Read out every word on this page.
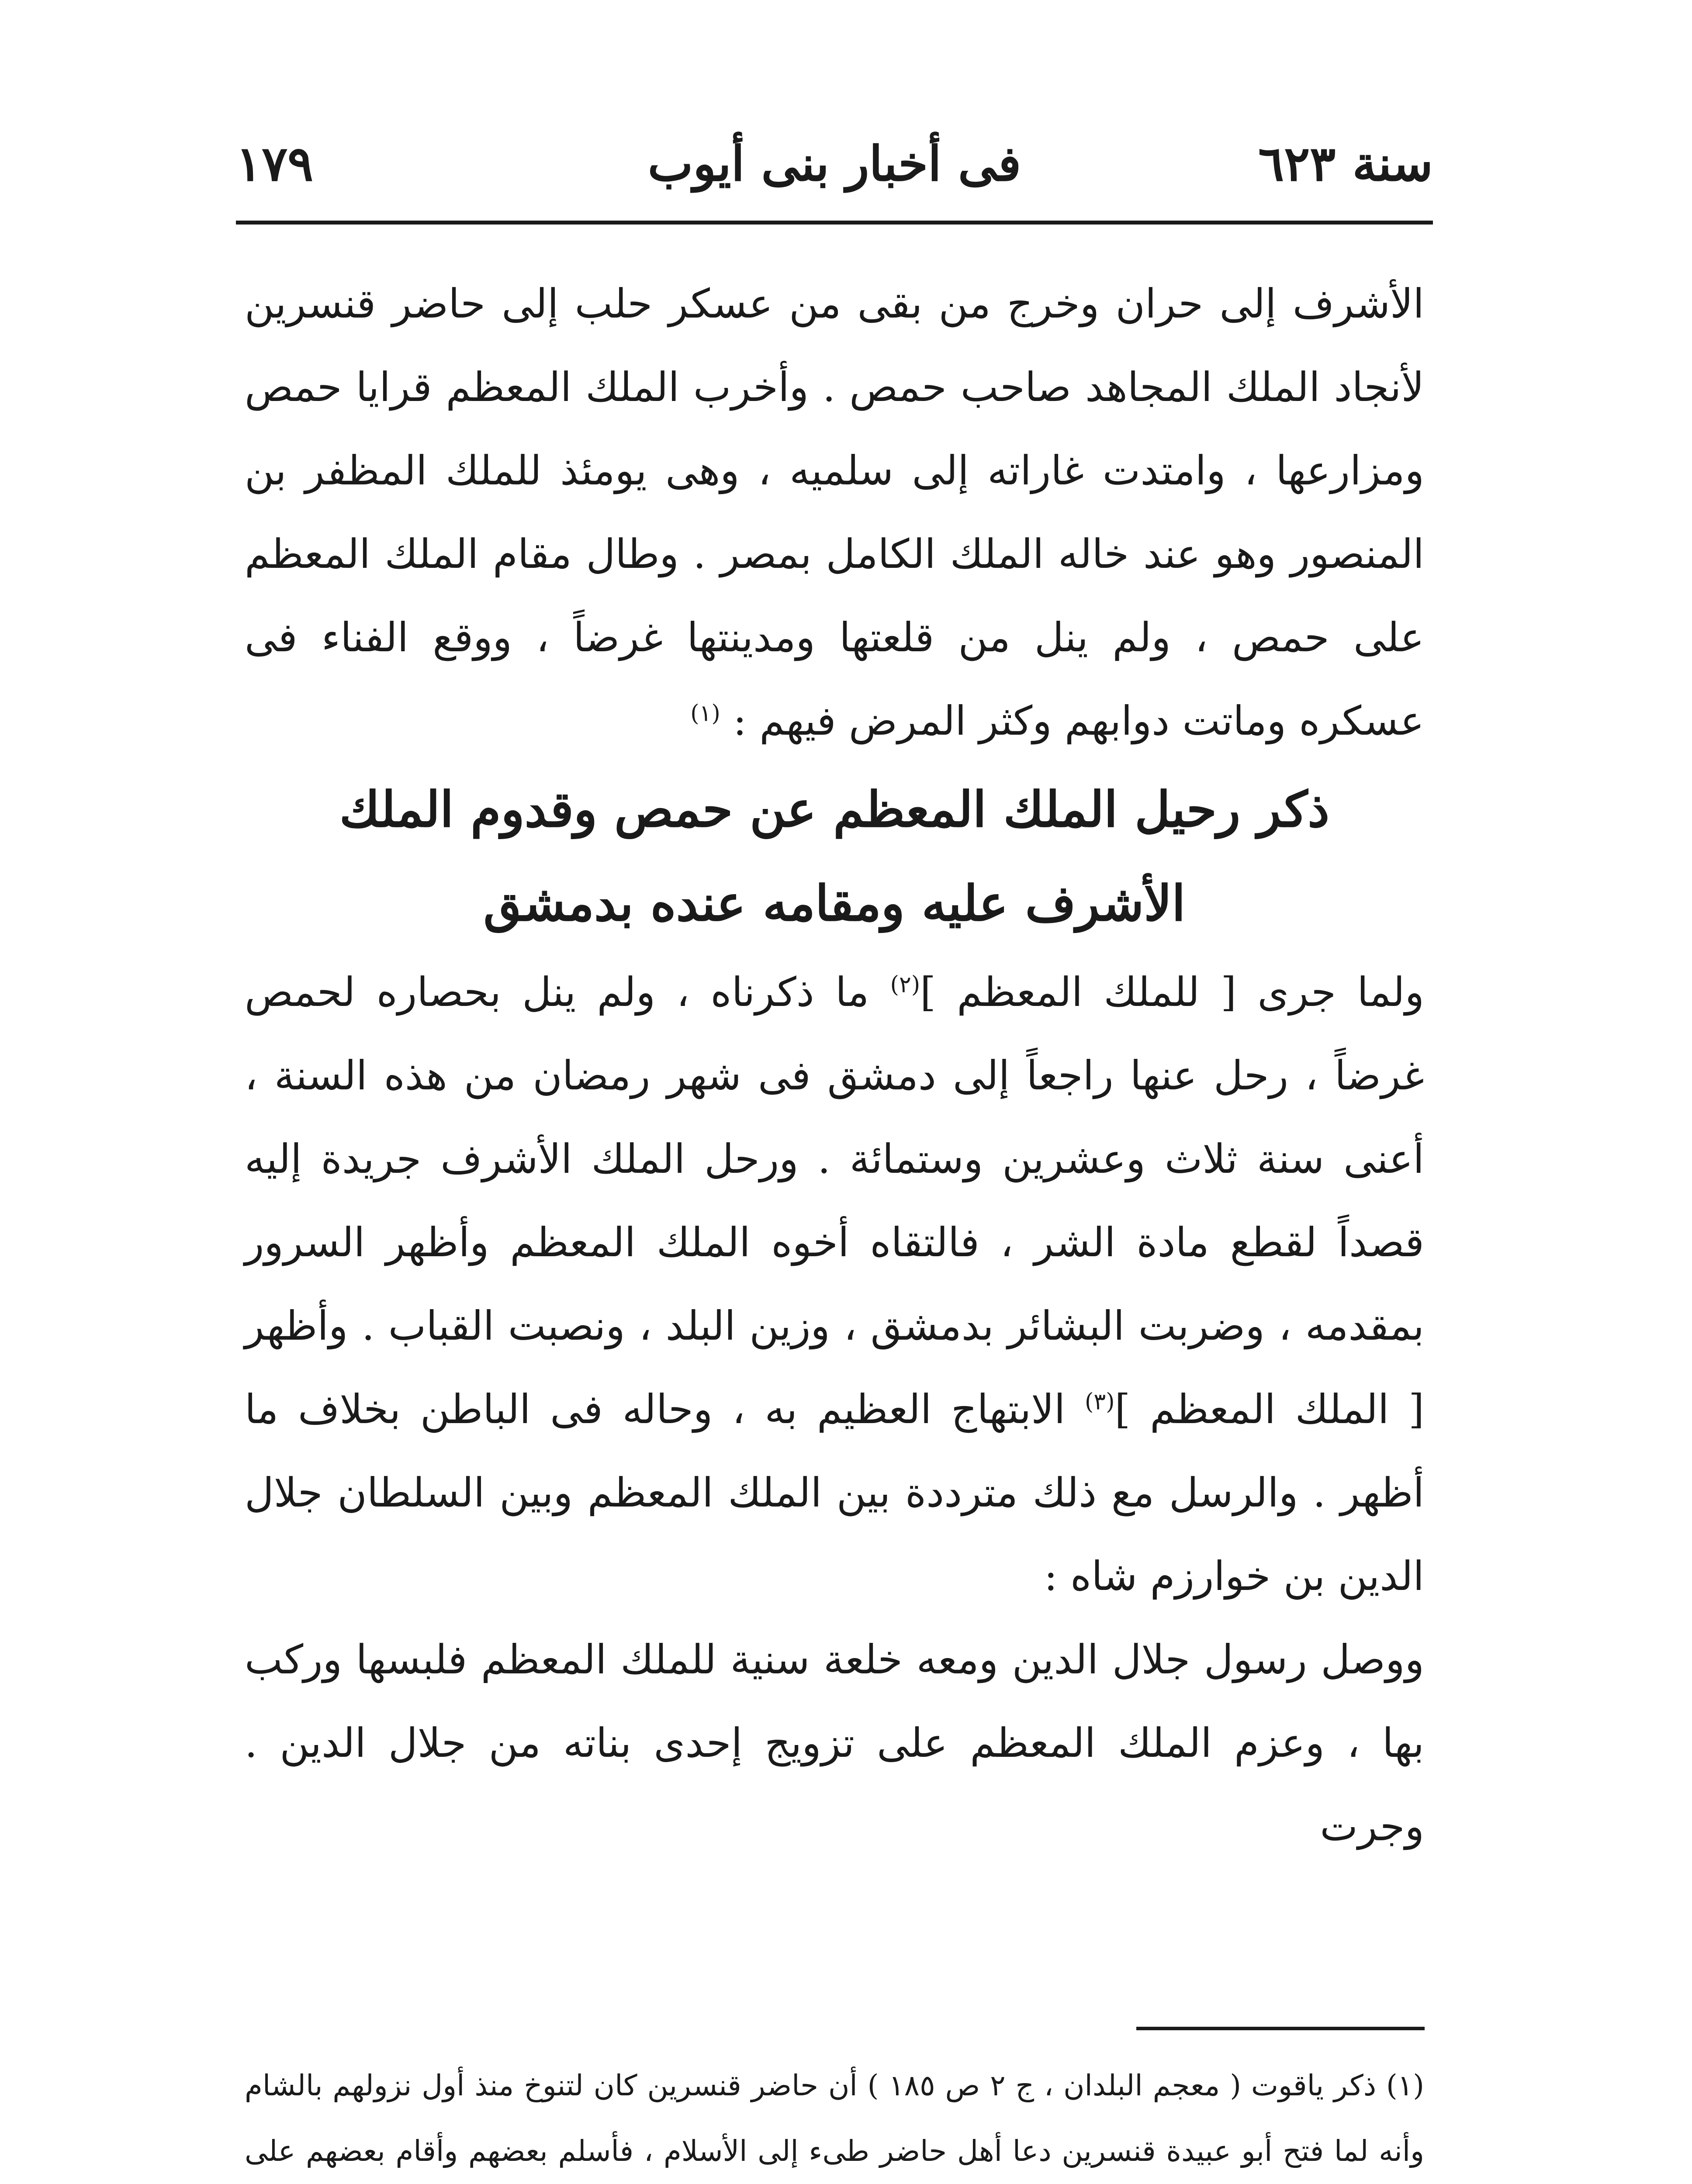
سنة ٦٢٣
فى أخبار بنى أيوب
١٧٩

الأشرف إلى حران وخرج من بقى من عسكر حلب إلى حاضر قنسرين لأنجاد الملك المجاهد صاحب حمص . وأخرب الملك المعظم قرايا حمص ومزارعها ، وامتدت غاراته إلى سلميه ، وهى يومئذ للملك المظفر بن المنصور وهو عند خاله الملك الكامل بمصر . وطال مقام الملك المعظم على حمص ، ولم ينل من قلعتها ومدينتها غرضاً ، ووقع الفناء فى عسكره وماتت دوابهم وكثر المرض فيهم : $^{(١)}$

ذكر رحيل الملك المعظم عن حمص وقدوم الملك

الأشرف عليه ومقامه عنده بدمشق

ولما جرى [ للملك المعظم ]$^{(٢)}$ ما ذكرناه ، ولم ينل بحصاره لحمص غرضاً ، رحل عنها راجعاً إلى دمشق فى شهر رمضان من هذه السنة ، أعنى سنة ثلاث وعشرين وستمائة . ورحل الملك الأشرف جريدة إليه قصداً لقطع مادة الشر ، فالتقاه أخوه الملك المعظم وأظهر السرور بمقدمه ، وضربت البشائر بدمشق ، وزين البلد ، ونصبت القباب . وأظهر [ الملك المعظم ]$^{(٣)}$ الابتهاج العظيم به ، وحاله فى الباطن بخلاف ما أظهر . والرسل مع ذلك مترددة بين الملك المعظم وبين السلطان جلال الدين بن خوارزم شاه :

ووصل رسول جلال الدين ومعه خلعة سنية للملك المعظم فلبسها وركب بها ، وعزم الملك المعظم على تزويج إحدى بناته من جلال الدين . وجرت

(١) ذكر ياقوت ( معجم البلدان ، ج ٢ ص ١٨٥ ) أن حاضر قنسرين كان لتنوخ منذ أول نزولهم بالشام وأنه لما فتح أبو عبيدة قنسرين دعا أهل حاضر طىء إلى الأسلام ، فأسلم بعضهم وأقام بعضهم على
